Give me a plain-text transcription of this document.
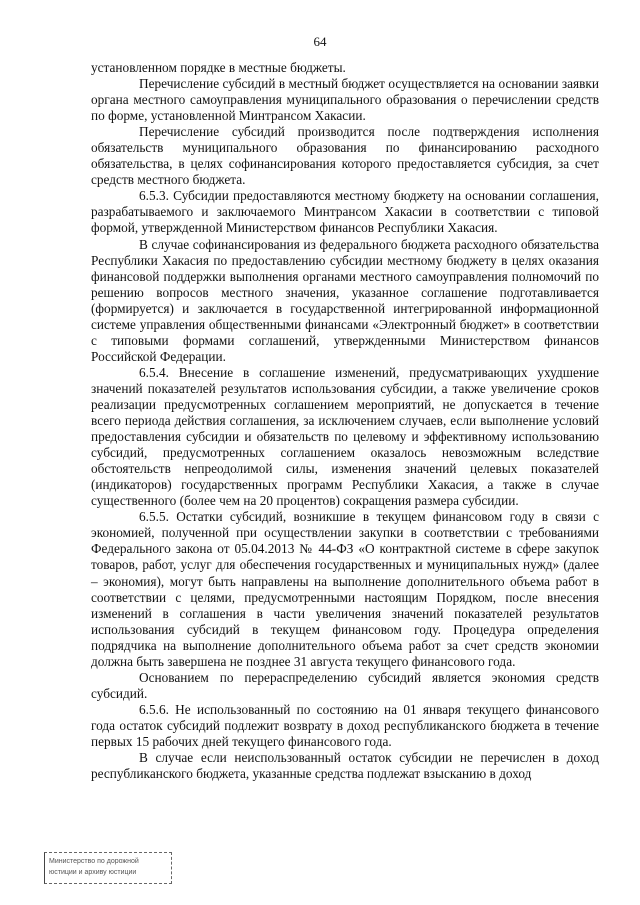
64

установленном порядке в местные бюджеты.

Перечисление субсидий в местный бюджет осуществляется на основании заявки органа местного самоуправления муниципального образования о перечислении средств по форме, установленной Минтрансом Хакасии.

Перечисление субсидий производится после подтверждения исполнения обязательств муниципального образования по финансированию расходного обязательства, в целях софинансирования которого предоставляется субсидия, за счет средств местного бюджета.

6.5.3. Субсидии предоставляются местному бюджету на основании соглашения, разрабатываемого и заключаемого Минтрансом Хакасии в соответствии с типовой формой, утвержденной Министерством финансов Республики Хакасия.

В случае софинансирования из федерального бюджета расходного обязательства Республики Хакасия по предоставлению субсидии местному бюджету в целях оказания финансовой поддержки выполнения органами местного самоуправления полномочий по решению вопросов местного значения, указанное соглашение подготавливается (формируется) и заключается в государственной интегрированной информационной системе управления общественными финансами «Электронный бюджет» в соответствии с типовыми формами соглашений, утвержденными Министерством финансов Российской Федерации.

6.5.4. Внесение в соглашение изменений, предусматривающих ухудшение значений показателей результатов использования субсидии, а также увеличение сроков реализации предусмотренных соглашением мероприятий, не допускается в течение всего периода действия соглашения, за исключением случаев, если выполнение условий предоставления субсидии и обязательств по целевому и эффективному использованию субсидий, предусмотренных соглашением оказалось невозможным вследствие обстоятельств непреодолимой силы, изменения значений целевых показателей (индикаторов) государственных программ Республики Хакасия, а также в случае существенного (более чем на 20 процентов) сокращения размера субсидии.

6.5.5. Остатки субсидий, возникшие в текущем финансовом году в связи с экономией, полученной при осуществлении закупки в соответствии с требованиями Федерального закона от 05.04.2013 № 44-ФЗ «О контрактной системе в сфере закупок товаров, работ, услуг для обеспечения государственных и муниципальных нужд» (далее – экономия), могут быть направлены на выполнение дополнительного объема работ в соответствии с целями, предусмотренными настоящим Порядком, после внесения изменений в соглашения в части увеличения значений показателей результатов использования субсидий в текущем финансовом году. Процедура определения подрядчика на выполнение дополнительного объема работ за счет средств экономии должна быть завершена не позднее 31 августа текущего финансового года.

Основанием по перераспределению субсидий является экономия средств субсидий.

6.5.6. Не использованный по состоянию на 01 января текущего финансового года остаток субсидий подлежит возврату в доход республиканского бюджета в течение первых 15 рабочих дней текущего финансового года.

В случае если неиспользованный остаток субсидии не перечислен в доход республиканского бюджета, указанные средства подлежат взысканию в доход

Министерство по дорожной
юстиции и архиву юстиции
